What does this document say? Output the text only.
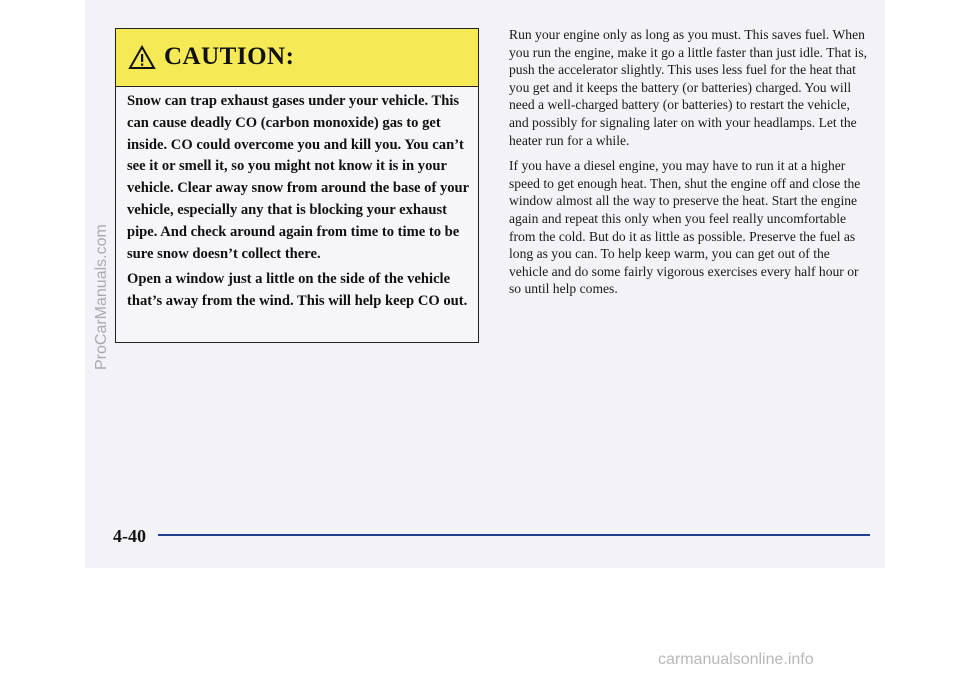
CAUTION:

Snow can trap exhaust gases under your vehicle. This can cause deadly CO (carbon monoxide) gas to get inside. CO could overcome you and kill you. You can’t see it or smell it, so you might not know it is in your vehicle. Clear away snow from around the base of your vehicle, especially any that is blocking your exhaust pipe. And check around again from time to time to be sure snow doesn’t collect there.

Open a window just a little on the side of the vehicle that’s away from the wind. This will help keep CO out.

Run your engine only as long as you must. This saves fuel. When you run the engine, make it go a little faster than just idle. That is, push the accelerator slightly. This uses less fuel for the heat that you get and it keeps the battery (or batteries) charged. You will need a well-charged battery (or batteries) to restart the vehicle, and possibly for signaling later on with your headlamps. Let the heater run for a while.

If you have a diesel engine, you may have to run it at a higher speed to get enough heat. Then, shut the engine off and close the window almost all the way to preserve the heat. Start the engine again and repeat this only when you feel really uncomfortable from the cold. But do it as little as possible. Preserve the fuel as long as you can. To help keep warm, you can get out of the vehicle and do some fairly vigorous exercises every half hour or so until help comes.

4-40
ProCarManuals.com
carmanualsonline.info
